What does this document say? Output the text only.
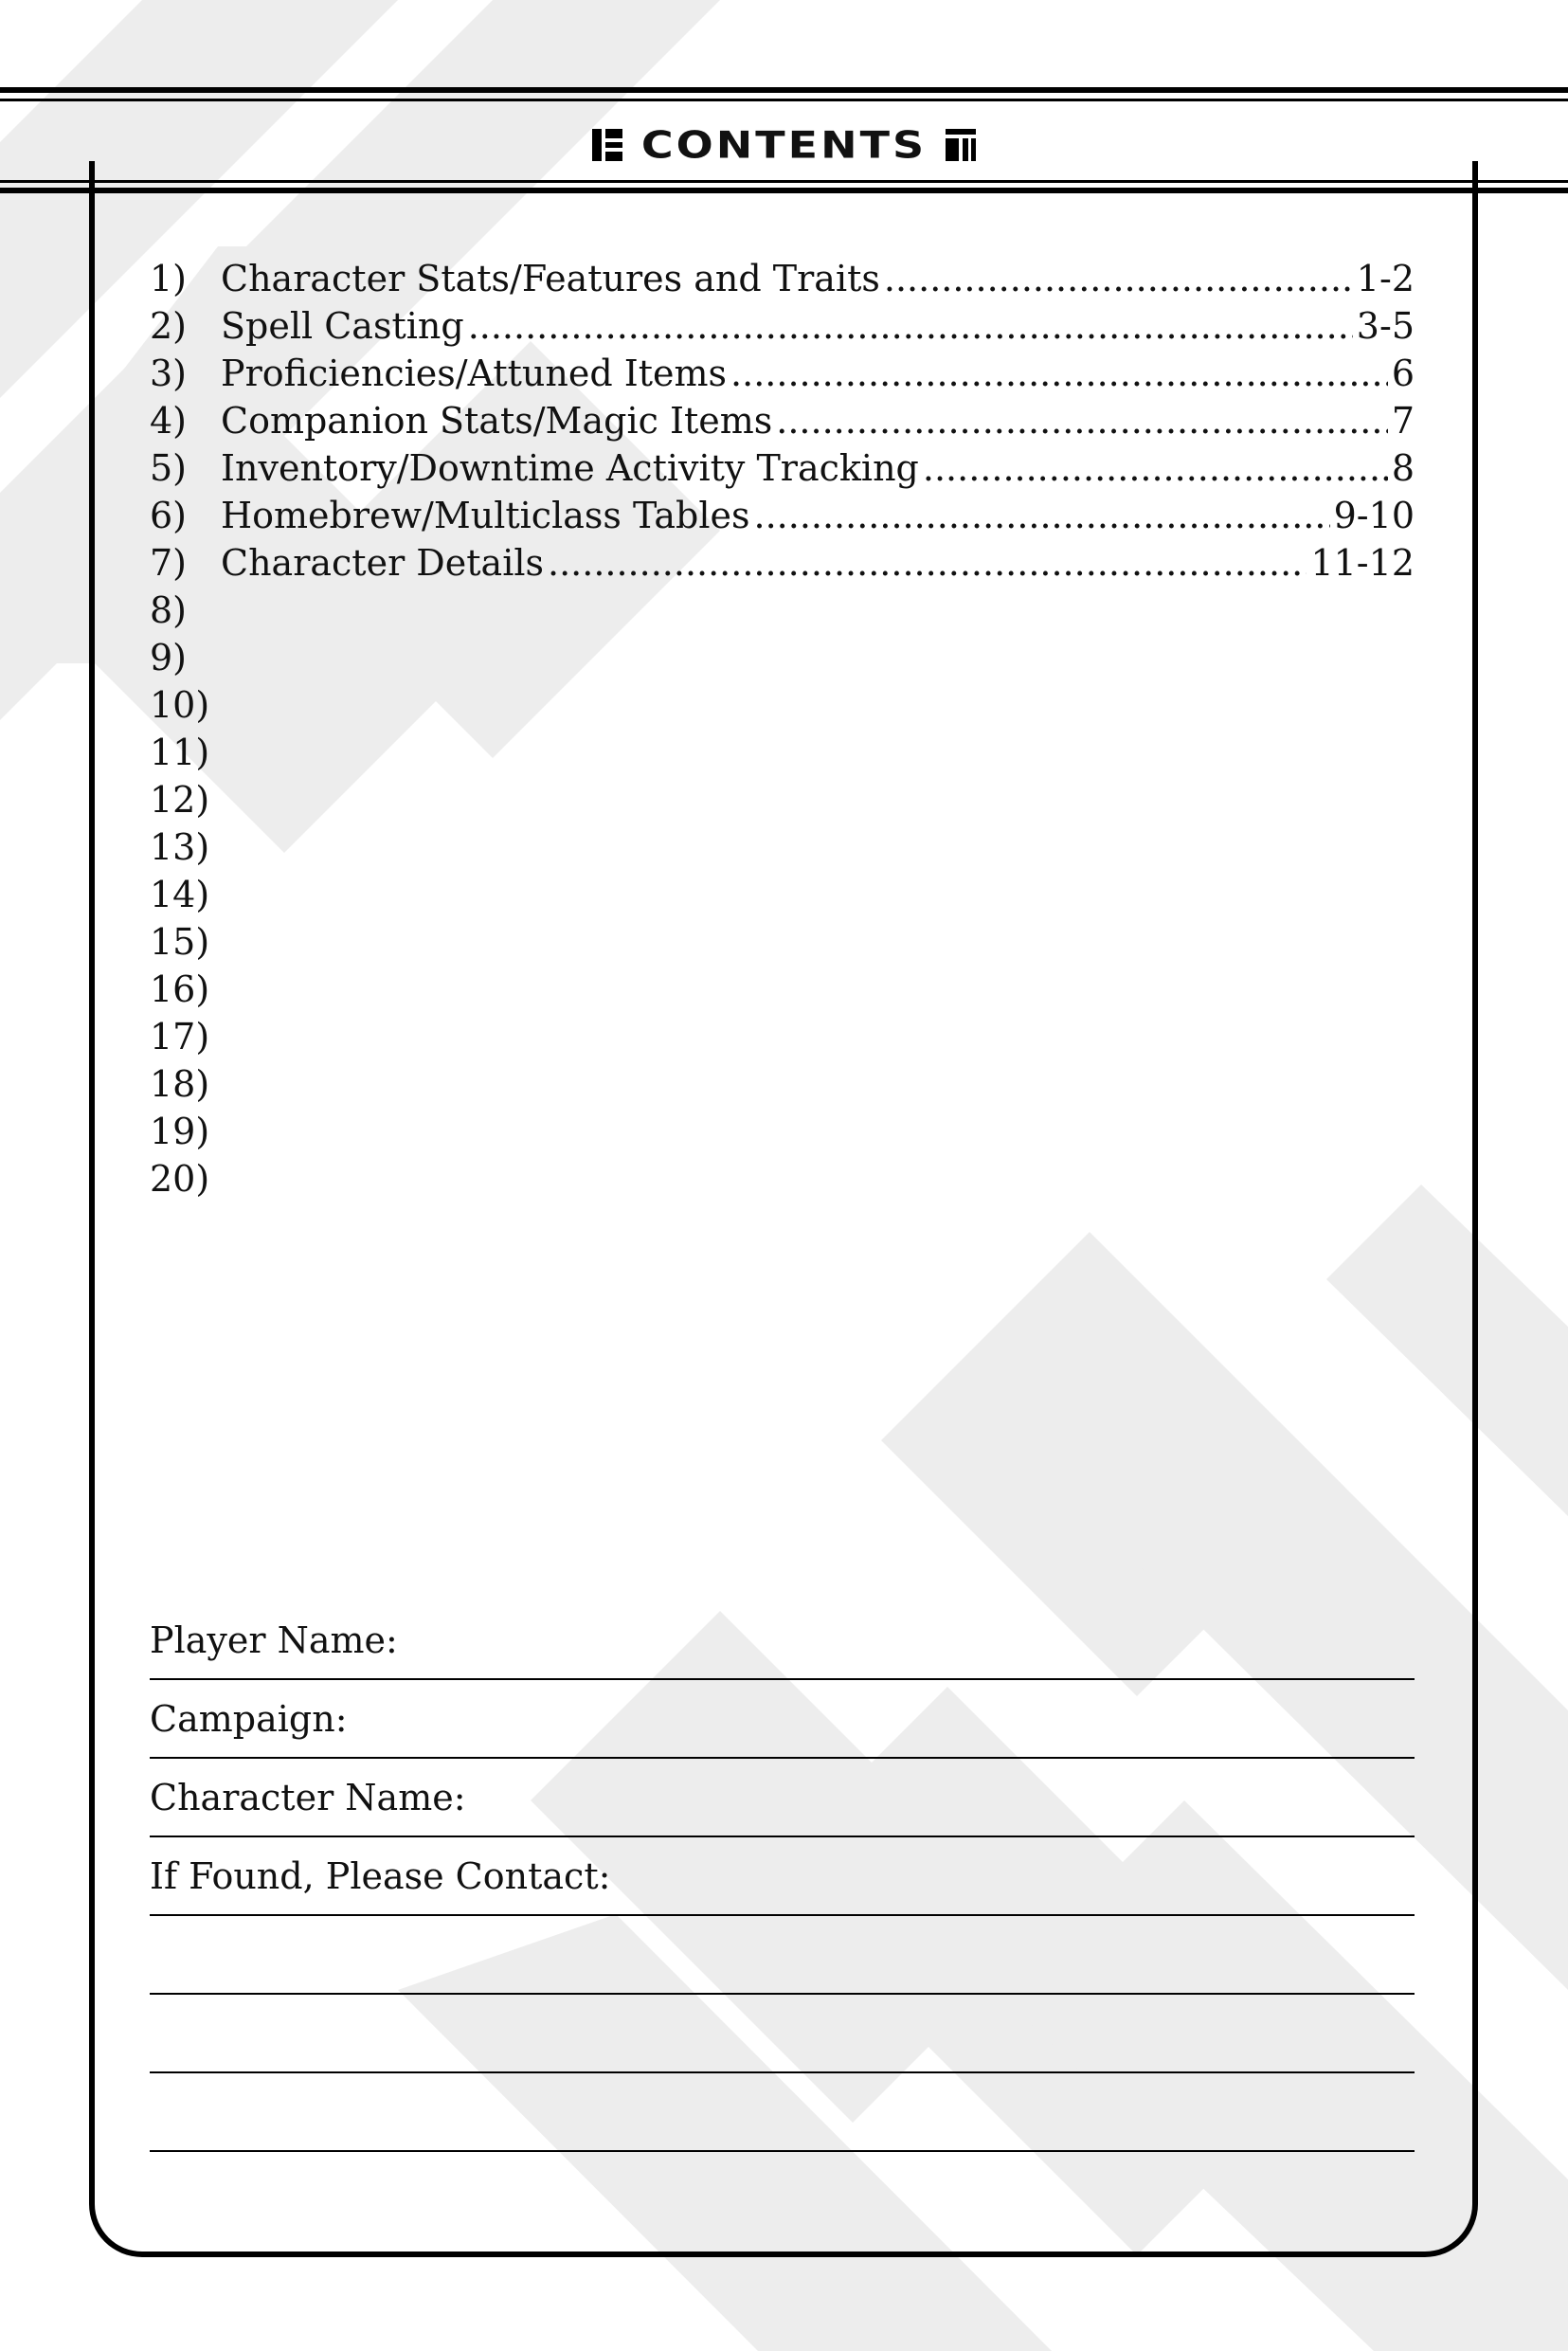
CONTENTS
1) Character Stats/Features and Traits .....	1-2
2) Spell Casting .....	3-5
3) Proficiencies/Attuned Items .....	6
4) Companion Stats/Magic Items .....	7
5) Inventory/Downtime Activity Tracking .....	8
6) Homebrew/Multiclass Tables .....	9-10
7) Character Details .....	11-12
8)
9)
10)
11)
12)
13)
14)
15)
16)
17)
18)
19)
20)
Player Name:
Campaign:
Character Name:
If Found, Please Contact:
